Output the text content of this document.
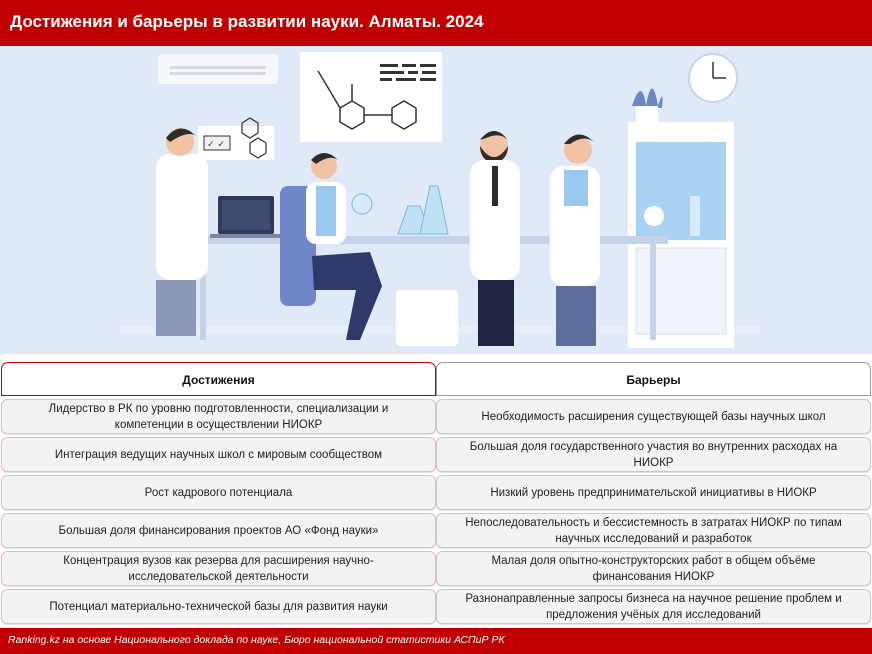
Достижения и барьеры в развитии науки. Алматы. 2024
✓ ✓
Достижения
Лидерство в РК по уровню подготовленности, специализации и компетенции в осуществлении НИОКР
Интеграция ведущих научных школ с мировым сообществом
Рост кадрового потенциала
Большая доля финансирования проектов АО «Фонд науки»
Концентрация вузов как резерва для расширения научно-исследовательской деятельности
Потенциал материально-технической базы для развития науки
Барьеры
Необходимость расширения существующей базы научных школ
Большая доля государственного участия во внутренних расходах на НИОКР
Низкий уровень предпринимательской инициативы в НИОКР
Непоследовательность и бессистемность в затратах НИОКР по типам научных исследований и разработок
Малая доля опытно-конструкторских работ в общем объёме финансования НИОКР
Разнонаправленные запросы бизнеса на научное решение проблем и предложения учёных для исследований
Ranking.kz на основе Национального доклада по науке, Бюро национальной статистики АСПиР РК
